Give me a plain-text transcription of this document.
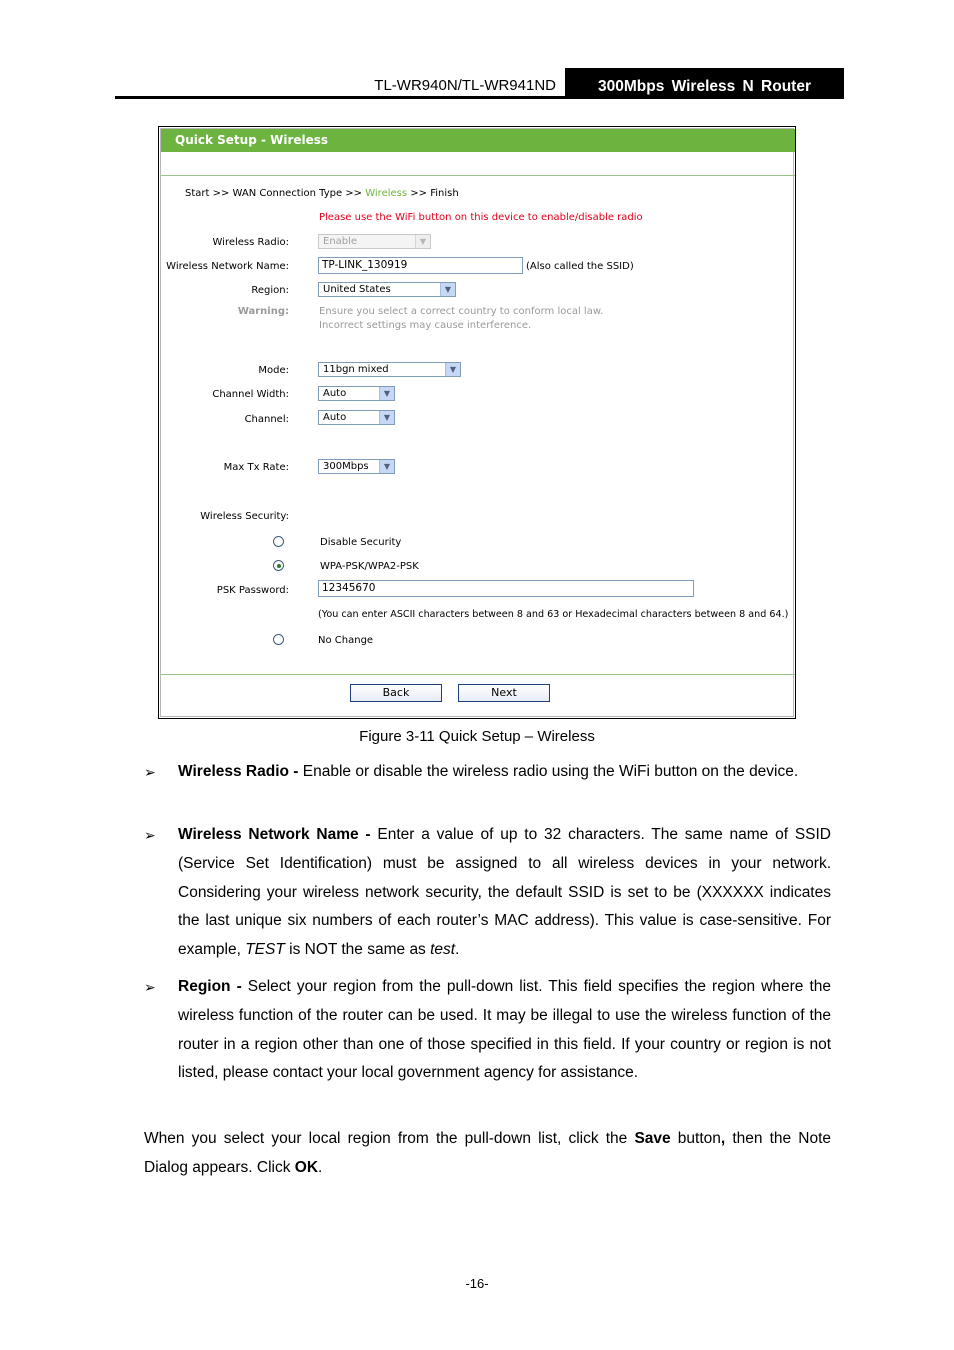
TL-WR940N/TL-WR941ND	300Mbps Wireless N Router
Quick Setup - Wireless
Start >> WAN Connection Type >> Wireless >> Finish
Please use the WiFi button on this device to enable/disable radio
Wireless Radio:	Enable	▼
Wireless Network Name:	TP-LINK_130919	(Also called the SSID)
Region:	United States	▼
Warning:	Ensure you select a correct country to conform local law.
Incorrect settings may cause interference.
Mode:	11bgn mixed	▼
Channel Width:	Auto	▼
Channel:	Auto	▼
Max Tx Rate:	300Mbps	▼
Wireless Security:
Disable Security
WPA-PSK/WPA2-PSK
PSK Password:	12345670
(You can enter ASCII characters between 8 and 63 or Hexadecimal characters between 8 and 64.)
No Change
Back	Next
Figure 3-11 Quick Setup – Wireless
➢ Wireless Radio - Enable or disable the wireless radio using the WiFi button on the device.
➢ Wireless Network Name - Enter a value of up to 32 characters. The same name of SSID (Service Set Identification) must be assigned to all wireless devices in your network. Considering your wireless network security, the default SSID is set to be (XXXXXX indicates the last unique six numbers of each router’s MAC address). This value is case-sensitive. For example, TEST is NOT the same as test.
➢ Region - Select your region from the pull-down list. This field specifies the region where the wireless function of the router can be used. It may be illegal to use the wireless function of the router in a region other than one of those specified in this field. If your country or region is not listed, please contact your local government agency for assistance.
When you select your local region from the pull-down list, click the Save button, then the Note Dialog appears. Click OK.
-16-
